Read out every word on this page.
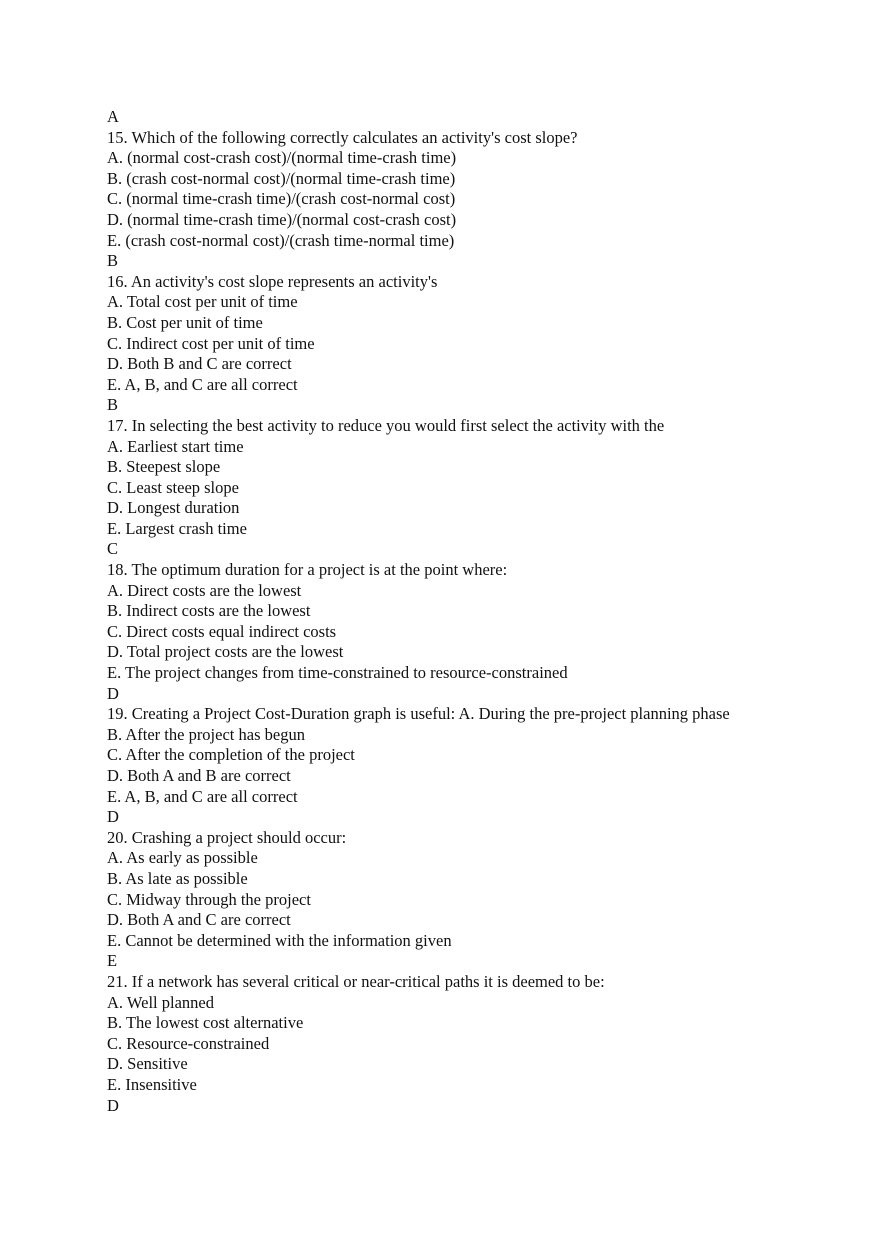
A

15. Which of the following correctly calculates an activity's cost slope?

A. (normal cost-crash cost)/(normal time-crash time)

B. (crash cost-normal cost)/(normal time-crash time)

C. (normal time-crash time)/(crash cost-normal cost)

D. (normal time-crash time)/(normal cost-crash cost)

E. (crash cost-normal cost)/(crash time-normal time)

B

16. An activity's cost slope represents an activity's

A. Total cost per unit of time

B. Cost per unit of time

C. Indirect cost per unit of time

D. Both B and C are correct

E. A, B, and C are all correct

B

17. In selecting the best activity to reduce you would first select the activity with the

A. Earliest start time

B. Steepest slope

C. Least steep slope

D. Longest duration

E. Largest crash time

C

18. The optimum duration for a project is at the point where:

A. Direct costs are the lowest

B. Indirect costs are the lowest

C. Direct costs equal indirect costs

D. Total project costs are the lowest

E. The project changes from time-constrained to resource-constrained

D

19. Creating a Project Cost-Duration graph is useful: A. During the pre-project planning phase

B. After the project has begun

C. After the completion of the project

D. Both A and B are correct

E. A, B, and C are all correct

D

20. Crashing a project should occur:

A. As early as possible

B. As late as possible

C. Midway through the project

D. Both A and C are correct

E. Cannot be determined with the information given

E

21. If a network has several critical or near-critical paths it is deemed to be:

A. Well planned

B. The lowest cost alternative

C. Resource-constrained

D. Sensitive

E. Insensitive

D
